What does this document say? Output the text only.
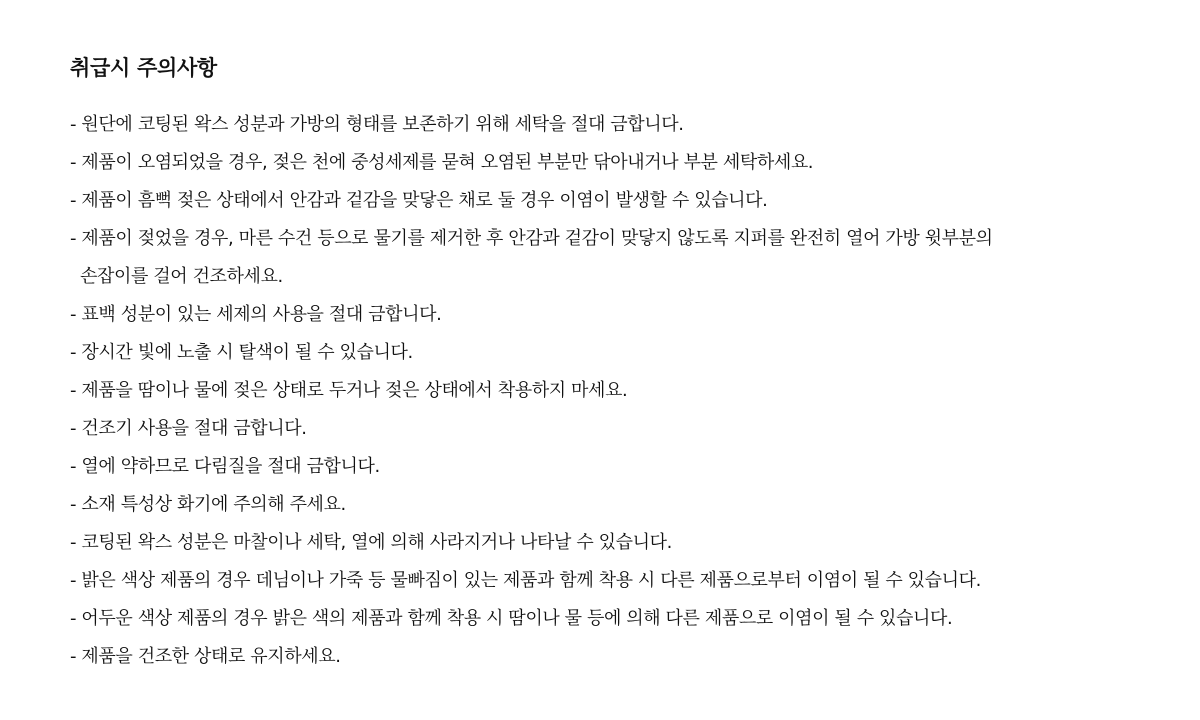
취급시 주의사항
- 원단에 코팅된 왁스 성분과 가방의 형태를 보존하기 위해 세탁을 절대 금합니다.
- 제품이 오염되었을 경우, 젖은 천에 중성세제를 묻혀 오염된 부분만 닦아내거나 부분 세탁하세요.
- 제품이 흠뻑 젖은 상태에서 안감과 겉감을 맞닿은 채로 둘 경우 이염이 발생할 수 있습니다.
- 제품이 젖었을 경우, 마른 수건 등으로 물기를 제거한 후 안감과 겉감이 맞닿지 않도록 지퍼를 완전히 열어 가방 윗부분의
손잡이를 걸어 건조하세요.
- 표백 성분이 있는 세제의 사용을 절대 금합니다.
- 장시간 빛에 노출 시 탈색이 될 수 있습니다.
- 제품을 땀이나 물에 젖은 상태로 두거나 젖은 상태에서 착용하지 마세요.
- 건조기 사용을 절대 금합니다.
- 열에 약하므로 다림질을 절대 금합니다.
- 소재 특성상 화기에 주의해 주세요.
- 코팅된 왁스 성분은 마찰이나 세탁, 열에 의해 사라지거나 나타날 수 있습니다.
- 밝은 색상 제품의 경우 데님이나 가죽 등 물빠짐이 있는 제품과 함께 착용 시 다른 제품으로부터 이염이 될 수 있습니다.
- 어두운 색상 제품의 경우 밝은 색의 제품과 함께 착용 시 땀이나 물 등에 의해 다른 제품으로 이염이 될 수 있습니다.
- 제품을 건조한 상태로 유지하세요.
